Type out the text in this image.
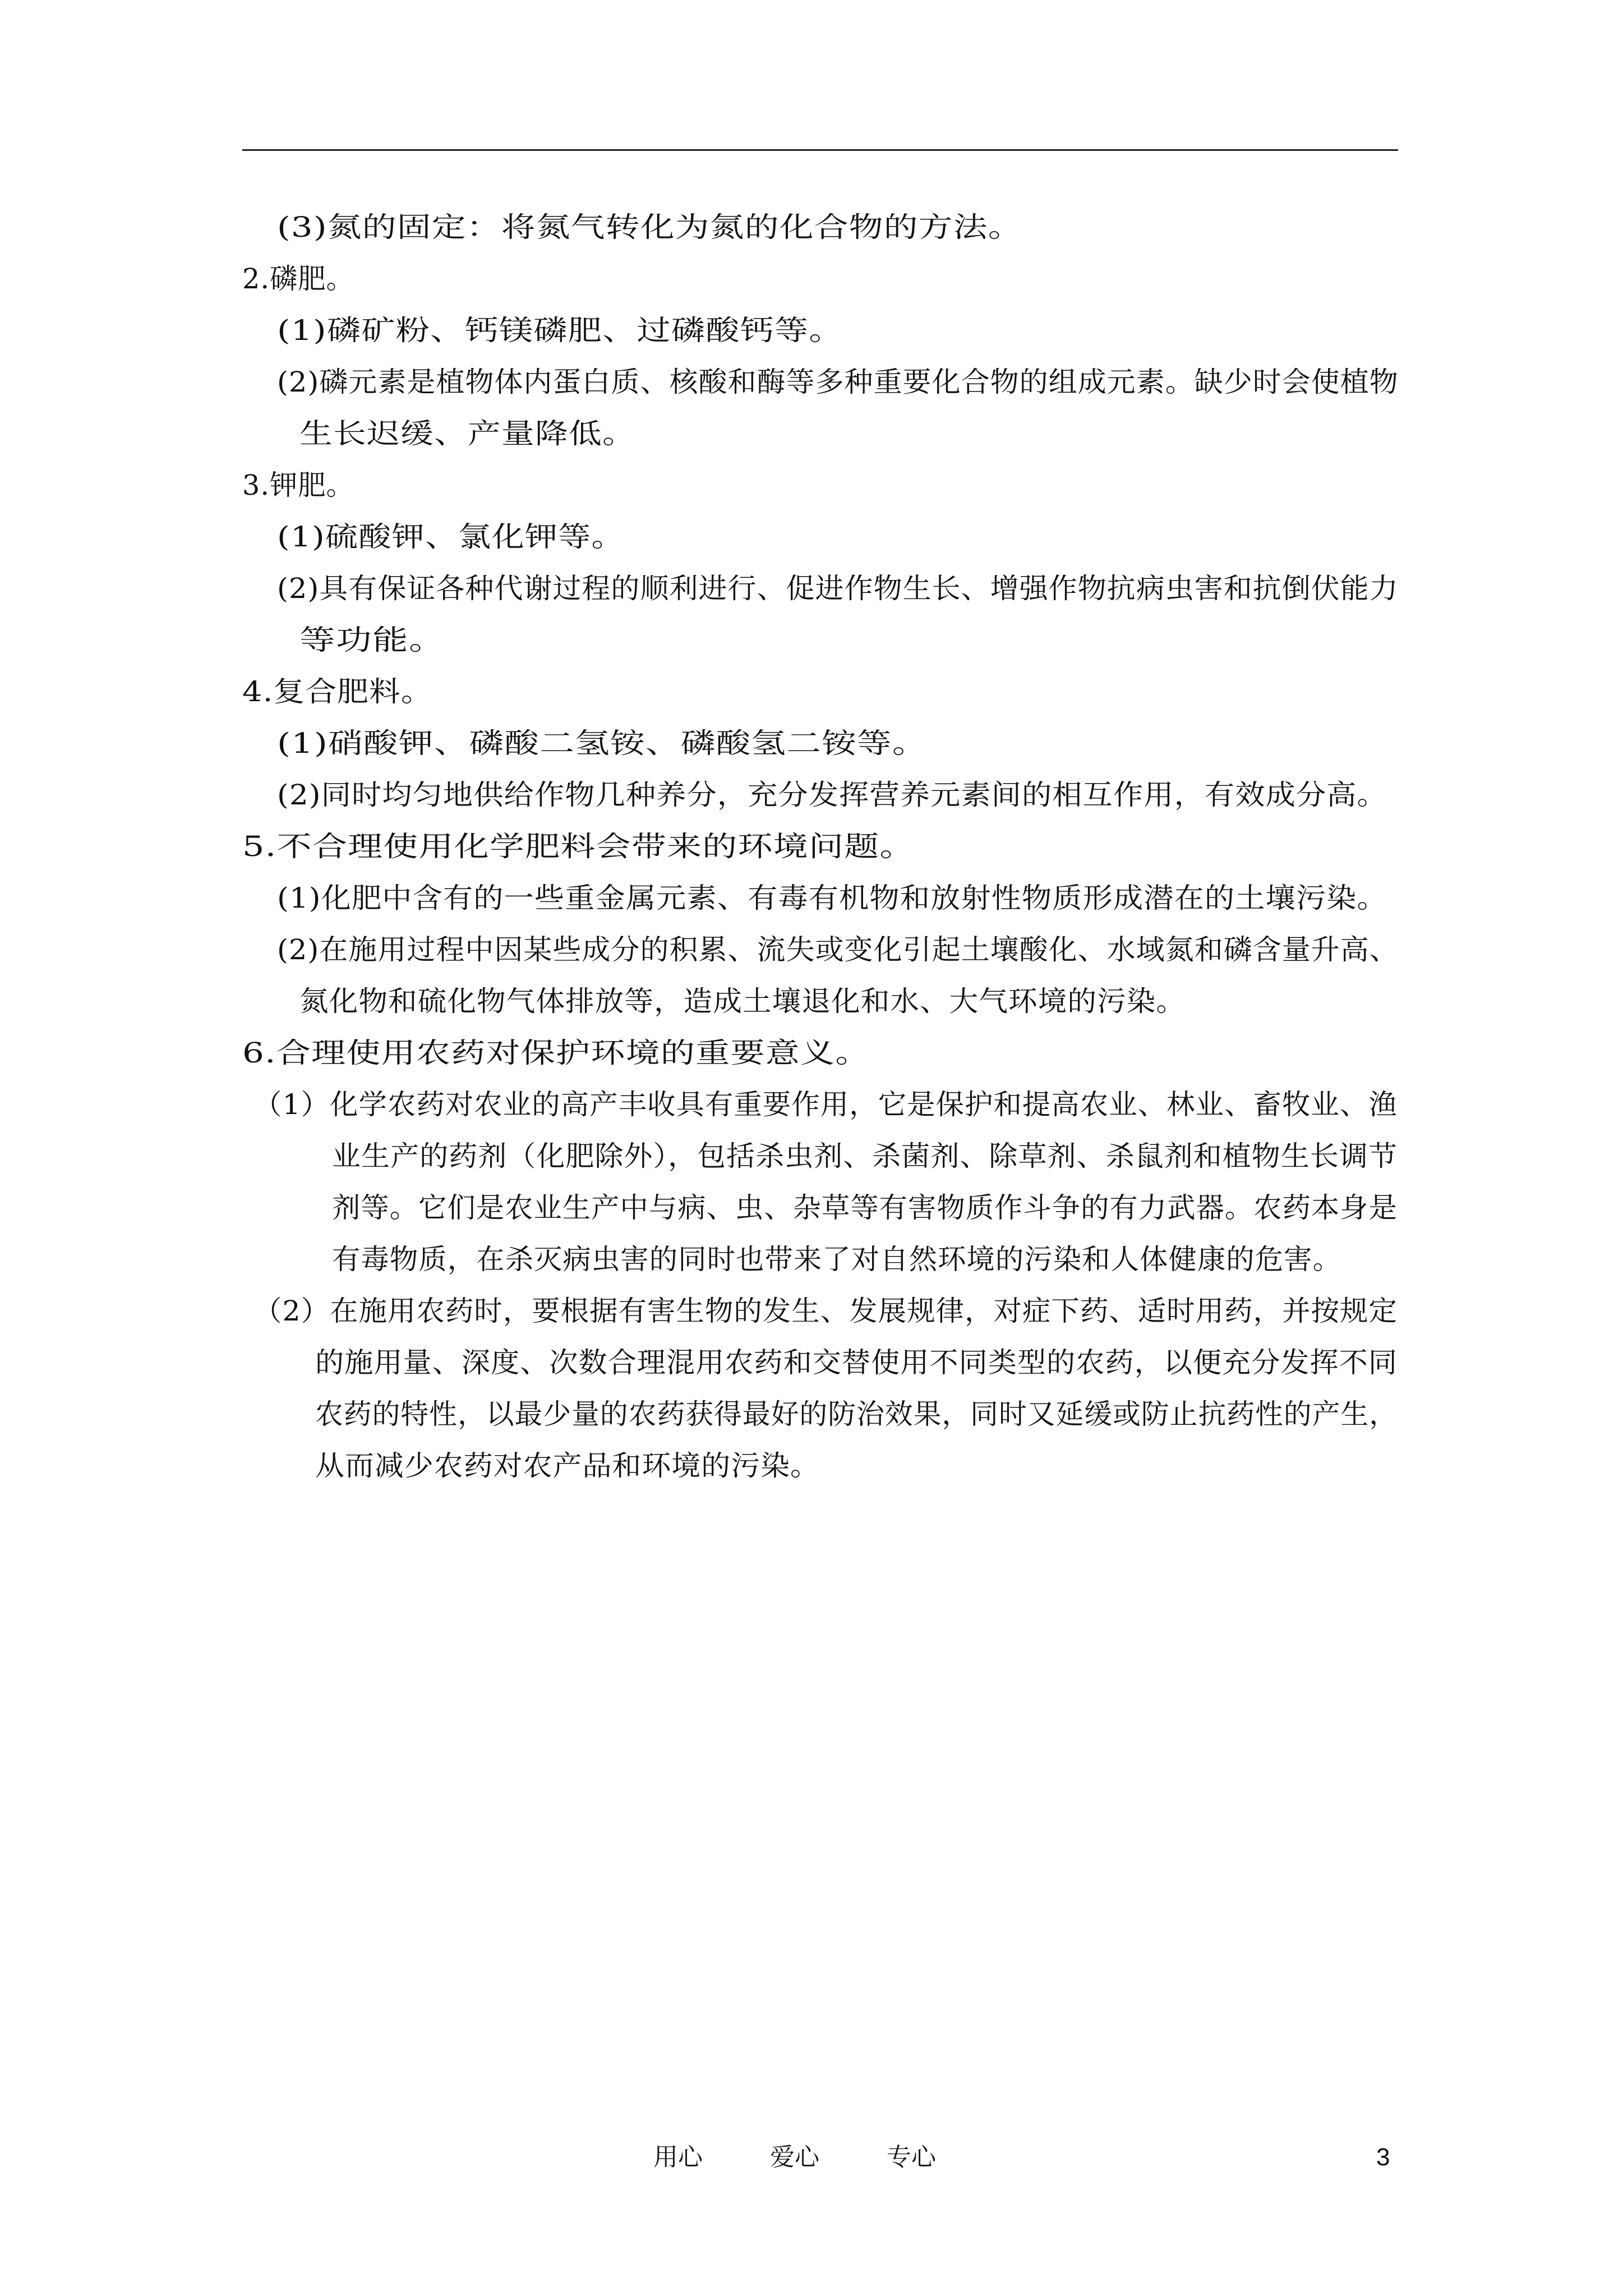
(3)氮的固定：将氮气转化为氮的化合物的方法。
2.磷肥。
(1)磷矿粉、钙镁磷肥、过磷酸钙等。
(2)磷元素是植物体内蛋白质、核酸和酶等多种重要化合物的组成元素。缺少时会使植物
生长迟缓、产量降低。
3.钾肥。
(1)硫酸钾、氯化钾等。
(2)具有保证各种代谢过程的顺利进行、促进作物生长、增强作物抗病虫害和抗倒伏能力
等功能。
4.复合肥料。
(1)硝酸钾、磷酸二氢铵、磷酸氢二铵等。
(2)同时均匀地供给作物几种养分，充分发挥营养元素间的相互作用，有效成分高。
5.不合理使用化学肥料会带来的环境问题。
(1)化肥中含有的一些重金属元素、有毒有机物和放射性物质形成潜在的土壤污染。
(2)在施用过程中因某些成分的积累、流失或变化引起土壤酸化、水域氮和磷含量升高、
氮化物和硫化物气体排放等，造成土壤退化和水、大气环境的污染。
6.合理使用农药对保护环境的重要意义。
（1）化学农药对农业的高产丰收具有重要作用，它是保护和提高农业、林业、畜牧业、渔
业生产的药剂（化肥除外），包括杀虫剂、杀菌剂、除草剂、杀鼠剂和植物生长调节
剂等。它们是农业生产中与病、虫、杂草等有害物质作斗争的有力武器。农药本身是
有毒物质，在杀灭病虫害的同时也带来了对自然环境的污染和人体健康的危害。
（2）在施用农药时，要根据有害生物的发生、发展规律，对症下药、适时用药，并按规定
的施用量、深度、次数合理混用农药和交替使用不同类型的农药，以便充分发挥不同
农药的特性，以最少量的农药获得最好的防治效果，同时又延缓或防止抗药性的产生，
从而减少农药对农产品和环境的污染。
用心	爱心	专心	3
